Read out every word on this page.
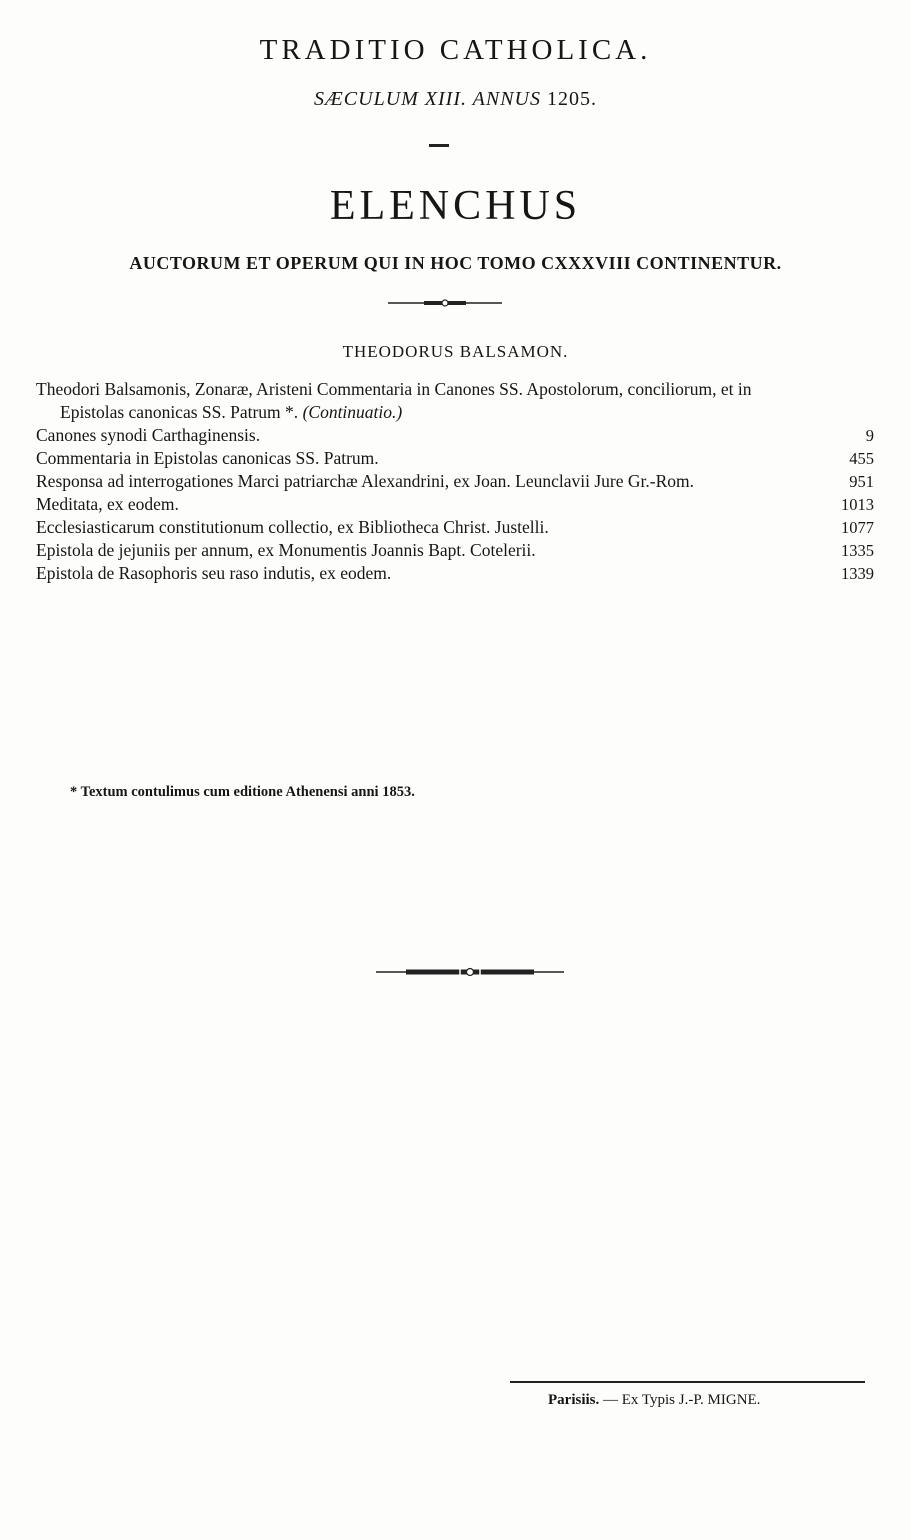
TRADITIO CATHOLICA.
SÆCULUM XIII. ANNUS 1205.
ELENCHUS
AUCTORUM ET OPERUM QUI IN HOC TOMO CXXXVIII CONTINENTUR.
THEODORUS BALSAMON.
Theodori Balsamonis, Zonaræ, Aristeni Commentaria in Canones SS. Apostolorum, conciliorum, et in Epistolas canonicas SS. Patrum *. (Continuatio.)
Canones synodi Carthaginensis.	9
Commentaria in Epistolas canonicas SS. Patrum.	455
Responsa ad interrogationes Marci patriarchæ Alexandrini, ex Joan. Leunclavii Jure Gr.-Rom.	951
Meditata, ex eodem.	1013
Ecclesiasticarum constitutionum collectio, ex Bibliotheca Christ. Justelli.	1077
Epistola de jejuniis per annum, ex Monumentis Joannis Bapt. Cotelerii.	1335
Epistola de Rasophoris seu raso indutis, ex eodem.	1339
* Textum contulimus cum editione Athenensi anni 1853.
Parisiis. — Ex Typis J.-P. MIGNE.
